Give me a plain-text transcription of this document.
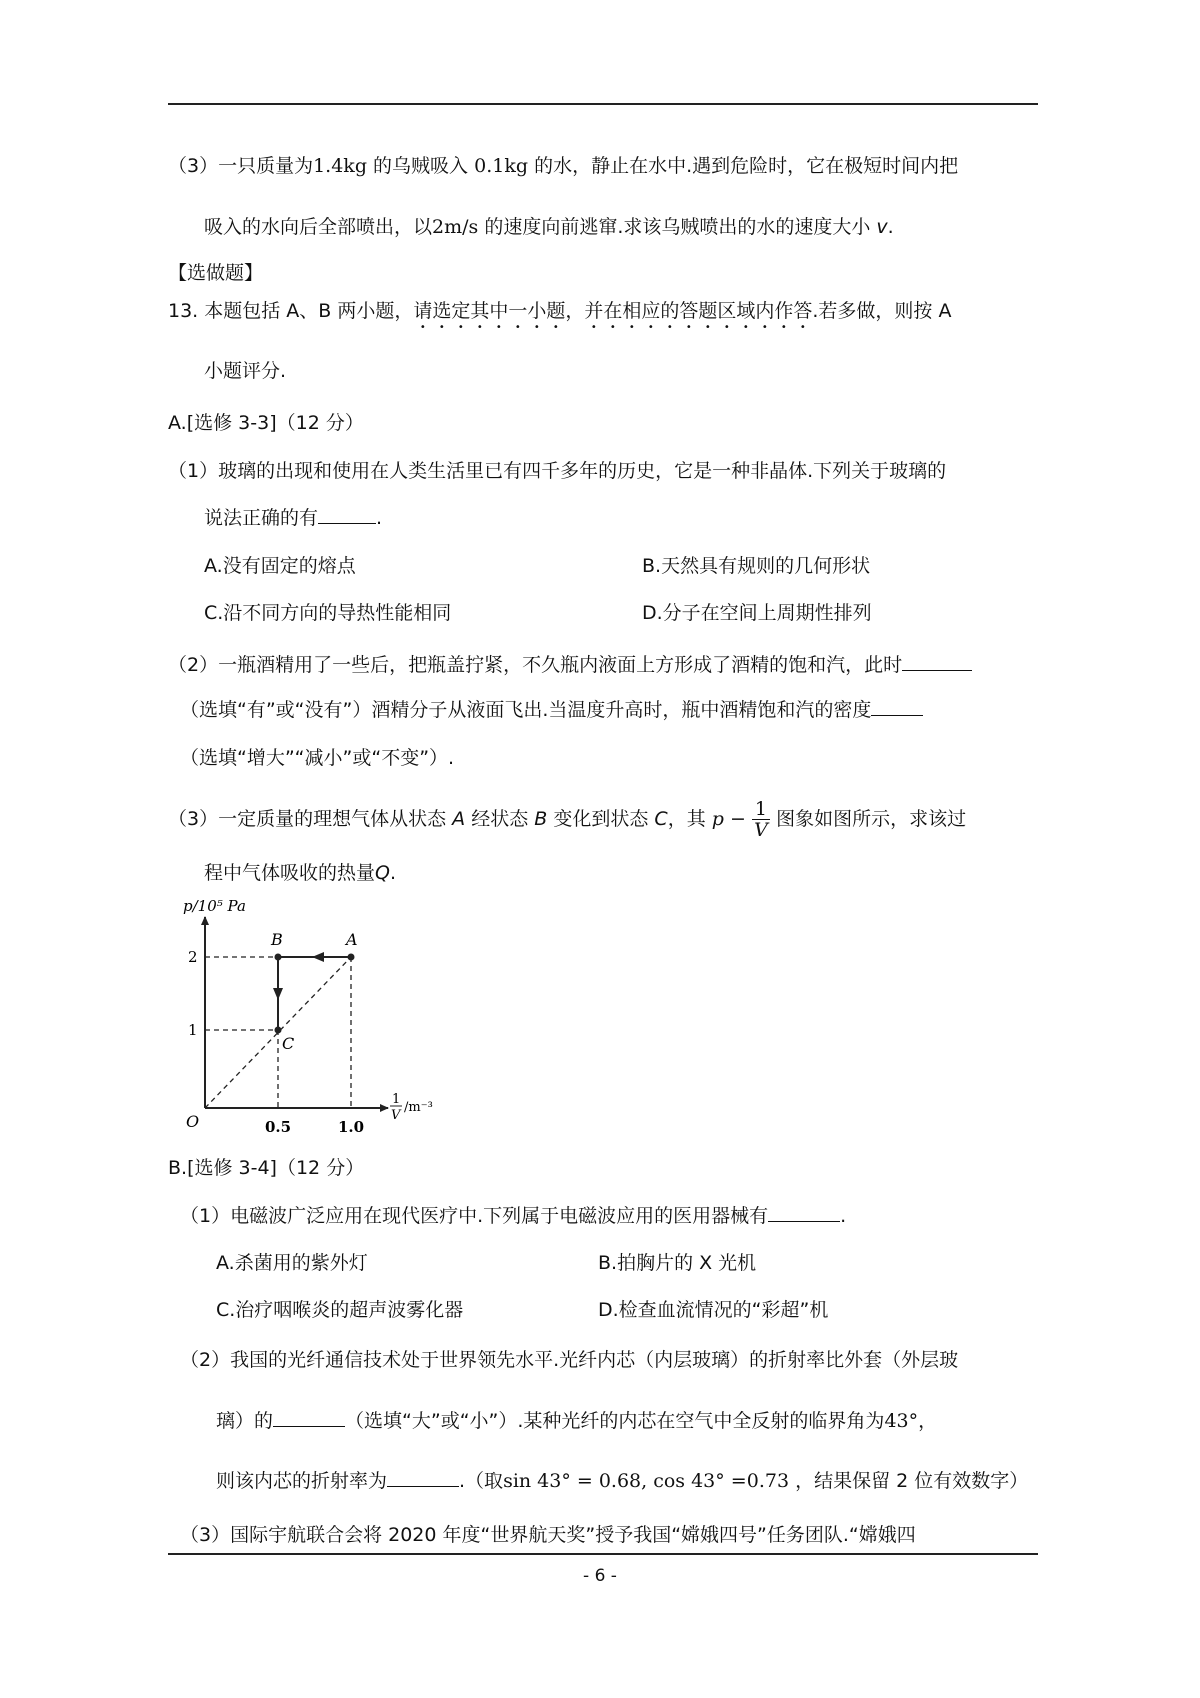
（3）一只质量为1.4kg 的乌贼吸入 0.1kg 的水，静止在水中.遇到危险时，它在极短时间内把
吸入的水向后全部喷出，以2m/s 的速度向前逃窜.求该乌贼喷出的水的速度大小 v.
【选做题】
13. 本题包括 A、B 两小题，请选定其中一小题，并在相应的答题区域内作答.若多做，则按 A
小题评分.
A.[选修 3-3]（12 分）
（1）玻璃的出现和使用在人类生活里已有四千多年的历史，它是一种非晶体.下列关于玻璃的
说法正确的有	.
A.没有固定的熔点	B.天然具有规则的几何形状
C.沿不同方向的导热性能相同	D.分子在空间上周期性排列
（2）一瓶酒精用了一些后，把瓶盖拧紧，不久瓶内液面上方形成了酒精的饱和汽，此时
（选填“有”或“没有”）酒精分子从液面飞出.当温度升高时，瓶中酒精饱和汽的密度
（选填“增大”“减小”或“不变”）.
（3）一定质量的理想气体从状态 A 经状态 B 变化到状态 C，其 $p - \frac{1}{V}$ 图象如图所示，求该过
程中气体吸收的热量Q.
p/10⁵ Pa
O
2
1
0.5	1.0
A
B
C
1
V
/m⁻³
B.[选修 3-4]（12 分）
（1）电磁波广泛应用在现代医疗中.下列属于电磁波应用的医用器械有	.
A.杀菌用的紫外灯	B.拍胸片的 X 光机
C.治疗咽喉炎的超声波雾化器	D.检查血流情况的“彩超”机
（2）我国的光纤通信技术处于世界领先水平.光纤内芯（内层玻璃）的折射率比外套（外层玻
璃）的	（选填“大”或“小”）.某种光纤的内芯在空气中全反射的临界角为43°，
则该内芯的折射率为	.（取sin 43° = 0.68, cos 43° =0.73 ，结果保留 2 位有效数字）
（3）国际宇航联合会将 2020 年度“世界航天奖”授予我国“嫦娥四号”任务团队.“嫦娥四
- 6 -
